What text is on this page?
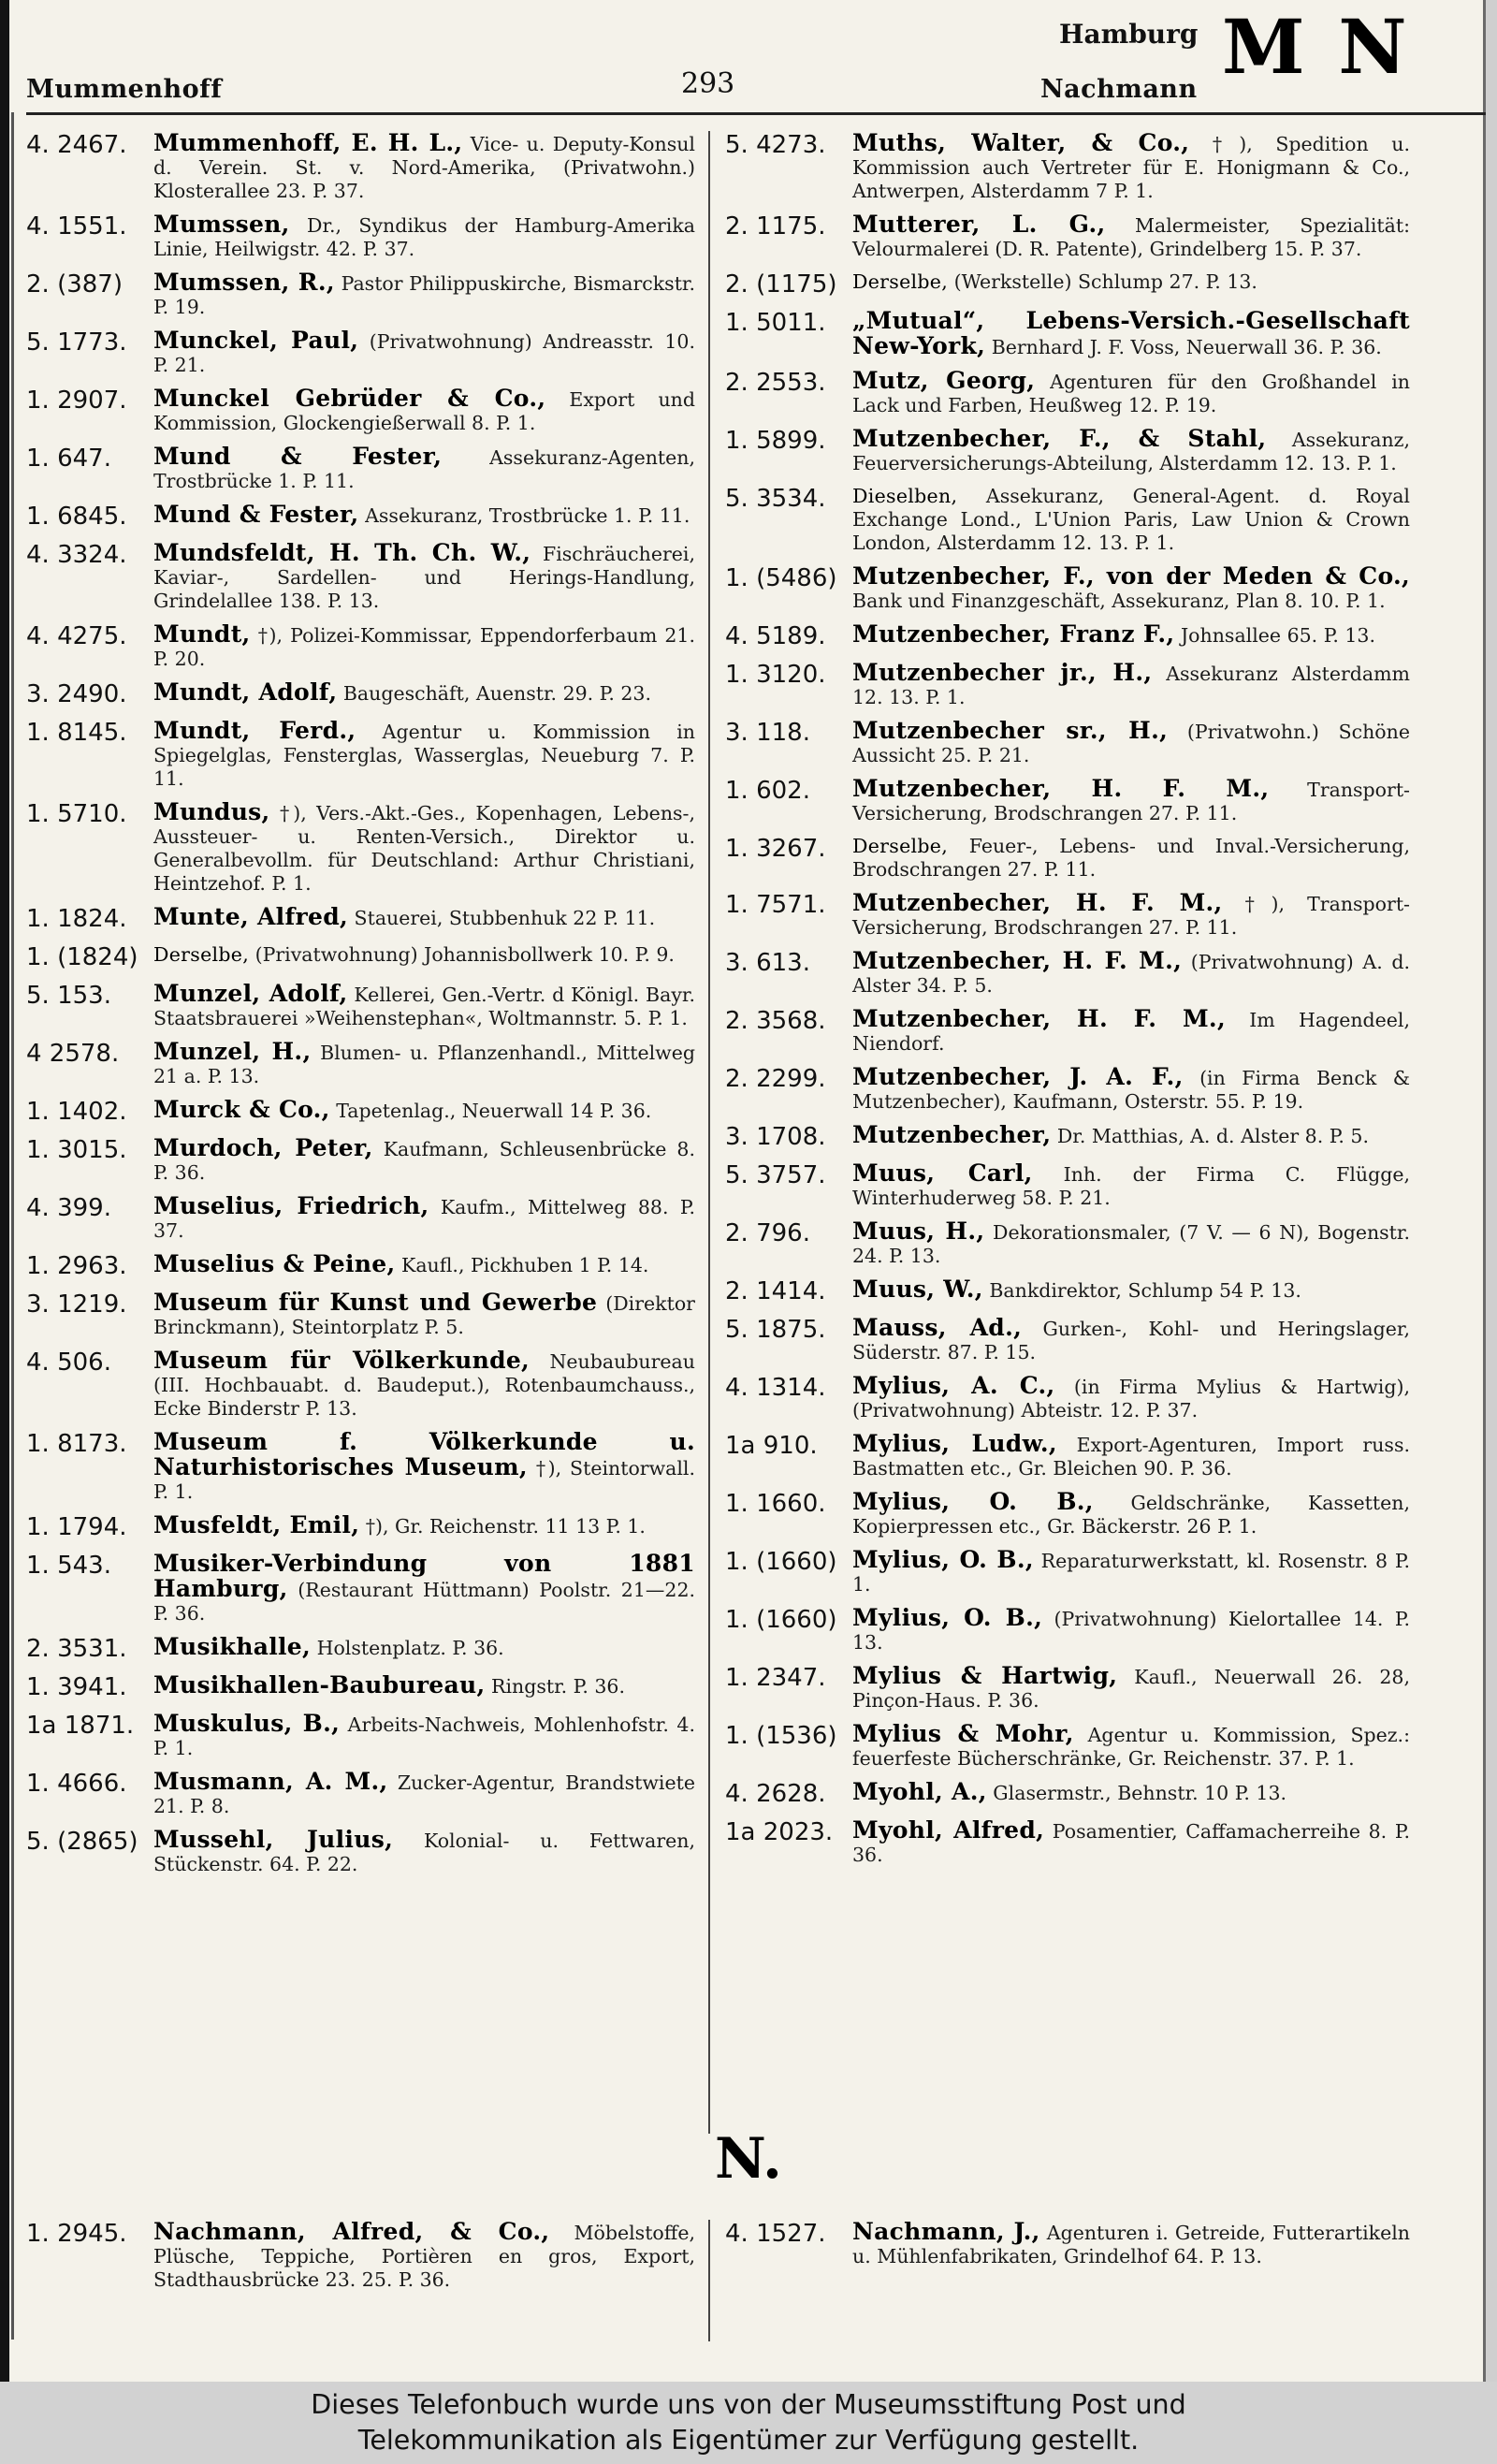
Mummenhoff	293
Hamburg
Nachmann M N
4. 2467.	Mummenhoff, E. H. L., Vice- u. Deputy-Konsul d. Verein. St. v. Nord-Amerika, (Privatwohn.) Klosterallee 23. P. 37.
4. 1551.	Mumssen, Dr., Syndikus der Hamburg-Amerika Linie, Heilwigstr. 42. P. 37.
2. (387)	Mumssen, R., Pastor Philippuskirche, Bismarckstr. P. 19.
5. 1773.	Munckel, Paul, (Privatwohnung) Andreasstr. 10. P. 21.
1. 2907.	Munckel Gebrüder & Co., Export und Kommission, Glockengießerwall 8. P. 1.
1. 647.	Mund & Fester, Assekuranz-Agenten, Trostbrücke 1. P. 11.
1. 6845.	Mund & Fester, Assekuranz, Trostbrücke 1. P. 11.
4. 3324.	Mundsfeldt, H. Th. Ch. W., Fischräucherei, Kaviar-, Sardellen- und Herings-Handlung, Grindelallee 138. P. 13.
4. 4275.	Mundt, †), Polizei-Kommissar, Eppendorferbaum 21. P. 20.
3. 2490.	Mundt, Adolf, Baugeschäft, Auenstr. 29. P. 23.
1. 8145.	Mundt, Ferd., Agentur u. Kommission in Spiegelglas, Fensterglas, Wasserglas, Neueburg 7. P. 11.
1. 5710.	Mundus, †), Vers.-Akt.-Ges., Kopenhagen, Lebens-, Aussteuer- u. Renten-Versich., Direktor u. Generalbevollm. für Deutschland: Arthur Christiani, Heintzehof. P. 1.
1. 1824.	Munte, Alfred, Stauerei, Stubbenhuk 22 P. 11.
1. (1824) Derselbe, (Privatwohnung) Johannisbollwerk 10. P. 9.
5. 153.	Munzel, Adolf, Kellerei, Gen.-Vertr. d Königl. Bayr. Staatsbrauerei »Weihenstephan«, Woltmannstr. 5. P. 1.
4 2578.	Munzel, H., Blumen- u. Pflanzenhandl., Mittelweg 21 a. P. 13.
1. 1402.	Murck & Co., Tapetenlag., Neuerwall 14 P. 36.
1. 3015.	Murdoch, Peter, Kaufmann, Schleusenbrücke 8. P. 36.
4. 399.	Muselius, Friedrich, Kaufm., Mittelweg 88. P. 37.
1. 2963.	Muselius & Peine, Kaufl., Pickhuben 1 P. 14.
3. 1219.	Museum für Kunst und Gewerbe (Direktor Brinckmann), Steintorplatz P. 5.
4. 506.	Museum für Völkerkunde, Neubaubureau (III. Hochbauabt. d. Baudeput.), Rotenbaumchauss., Ecke Binderstr P. 13.
1. 8173.	Museum f. Völkerkunde u. Naturhistorisches Museum, †), Steintorwall. P. 1.
1. 1794.	Musfeldt, Emil, †), Gr. Reichenstr. 11 13 P. 1.
1. 543.	Musiker-Verbindung von 1881 Hamburg, (Restaurant Hüttmann) Poolstr. 21—22. P. 36.
2. 3531.	Musikhalle, Holstenplatz. P. 36.
1. 3941.	Musikhallen-Baubureau, Ringstr. P. 36.
1a 1871. Muskulus, B., Arbeits-Nachweis, Mohlenhofstr. 4. P. 1.
1. 4666.	Musmann, A. M., Zucker-Agentur, Brandstwiete 21. P. 8.
5. (2865) Mussehl, Julius, Kolonial- u. Fettwaren, Stückenstr. 64. P. 22.
5. 4273.	Muths, Walter, & Co., †), Spedition u. Kommission auch Vertreter für E. Honigmann & Co., Antwerpen, Alsterdamm 7 P. 1.
2. 1175.	Mutterer, L. G., Malermeister, Spezialität: Velourmalerei (D. R. Patente), Grindelberg 15. P. 37.
2. (1175) Derselbe, (Werkstelle) Schlump 27. P. 13.
1. 5011.	„Mutual“, Lebens-Versich.-Gesellschaft New-York, Bernhard J. F. Voss, Neuerwall 36. P. 36.
2. 2553.	Mutz, Georg, Agenturen für den Großhandel in Lack und Farben, Heußweg 12. P. 19.
1. 5899.	Mutzenbecher, F., & Stahl, Assekuranz, Feuerversicherungs-Abteilung, Alsterdamm 12. 13. P. 1.
5. 3534.	Dieselben, Assekuranz, General-Agent. d. Royal Exchange Lond., L'Union Paris, Law Union & Crown London, Alsterdamm 12. 13. P. 1.
1. (5486) Mutzenbecher, F., von der Meden & Co., Bank und Finanzgeschäft, Assekuranz, Plan 8. 10. P. 1.
4. 5189.	Mutzenbecher, Franz F., Johnsallee 65. P. 13.
1. 3120.	Mutzenbecher jr., H., Assekuranz Alsterdamm 12. 13. P. 1.
3. 118.	Mutzenbecher sr., H., (Privatwohn.) Schöne Aussicht 25. P. 21.
1. 602.	Mutzenbecher, H. F. M., Transport-Versicherung, Brodschrangen 27. P. 11.
1. 3267.	Derselbe, Feuer-, Lebens- und Inval.-Versicherung, Brodschrangen 27. P. 11.
1. 7571.	Mutzenbecher, H. F. M., †), Transport-Versicherung, Brodschrangen 27. P. 11.
3. 613.	Mutzenbecher, H. F. M., (Privatwohnung) A. d. Alster 34. P. 5.
2. 3568.	Mutzenbecher, H. F. M., Im Hagendeel, Niendorf.
2. 2299.	Mutzenbecher, J. A. F., (in Firma Benck & Mutzenbecher), Kaufmann, Osterstr. 55. P. 19.
3. 1708.	Mutzenbecher, Dr. Matthias, A. d. Alster 8. P. 5.
5. 3757.	Muus, Carl, Inh. der Firma C. Flügge, Winterhuderweg 58. P. 21.
2. 796.	Muus, H., Dekorationsmaler, (7 V. — 6 N), Bogenstr. 24. P. 13.
2. 1414.	Muus, W., Bankdirektor, Schlump 54 P. 13.
5. 1875.	Mauss, Ad., Gurken-, Kohl- und Heringslager, Süderstr. 87. P. 15.
4. 1314.	Mylius, A. C., (in Firma Mylius & Hartwig), (Privatwohnung) Abteistr. 12. P. 37.
1a 910.	Mylius, Ludw., Export-Agenturen, Import russ. Bastmatten etc., Gr. Bleichen 90. P. 36.
1. 1660.	Mylius, O. B., Geldschränke, Kassetten, Kopierpressen etc., Gr. Bäckerstr. 26 P. 1.
1. (1660) Mylius, O. B., Reparaturwerkstatt, kl. Rosenstr. 8 P. 1.
1. (1660) Mylius, O. B., (Privatwohnung) Kielortallee 14. P. 13.
1. 2347.	Mylius & Hartwig, Kaufl., Neuerwall 26. 28, Pinçon-Haus. P. 36.
1. (1536) Mylius & Mohr, Agentur u. Kommission, Spez.: feuerfeste Bücherschränke, Gr. Reichenstr. 37. P. 1.
4. 2628.	Myohl, A., Glasermstr., Behnstr. 10 P. 13.
1a 2023. Myohl, Alfred, Posamentier, Caffamacherreihe 8. P. 36.
N.
1. 2945.	Nachmann, Alfred, & Co., Möbelstoffe, Plüsche, Teppiche, Portièren en gros, Export, Stadthausbrücke 23. 25. P. 36.
4. 1527.	Nachmann, J., Agenturen i. Getreide, Futterartikeln u. Mühlenfabrikaten, Grindelhof 64. P. 13.
Dieses Telefonbuch wurde uns von der Museumsstiftung Post und
Telekommunikation als Eigentümer zur Verfügung gestellt.
